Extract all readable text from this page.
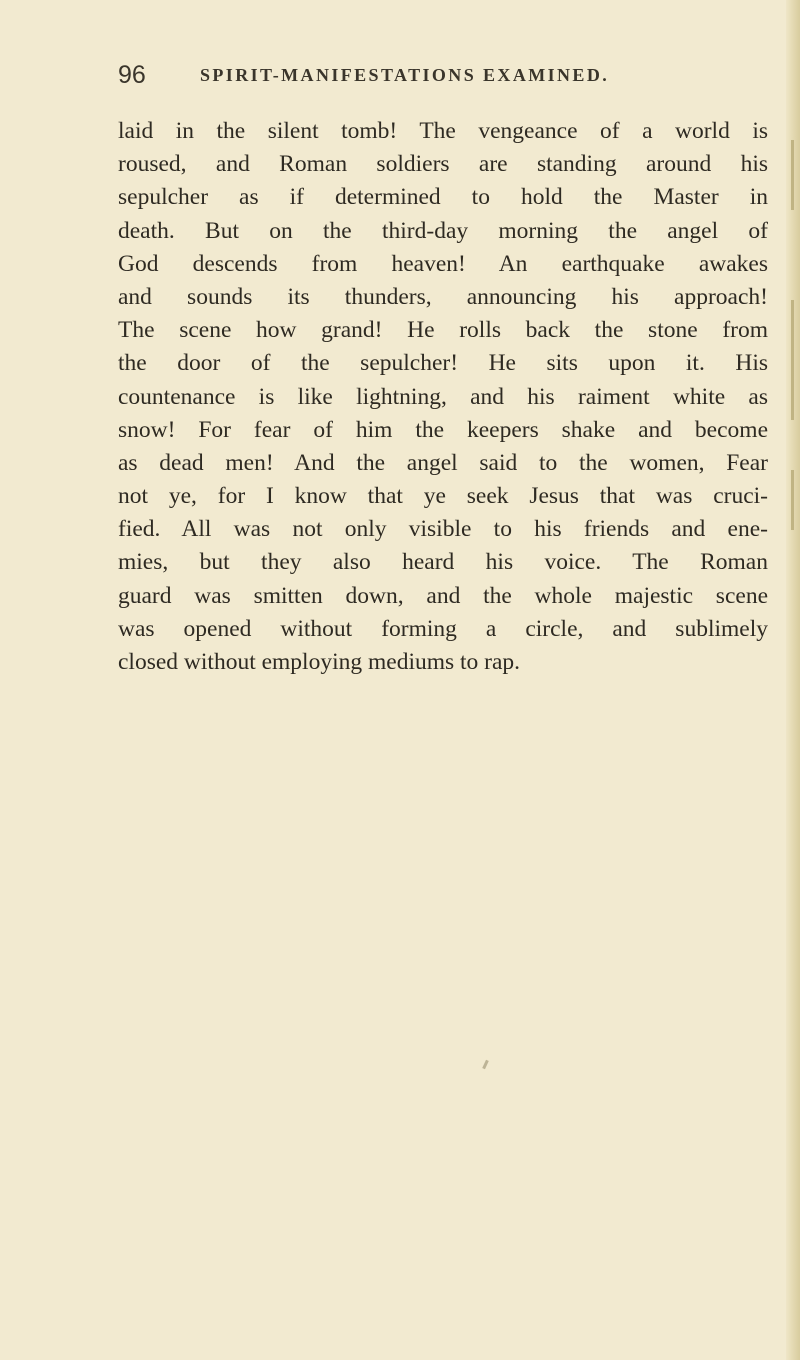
96	SPIRIT-MANIFESTATIONS EXAMINED.
laid in the silent tomb! The vengeance of a world is
roused, and Roman soldiers are standing around his
sepulcher as if determined to hold the Master in
death. But on the third-day morning the angel of
God descends from heaven! An earthquake awakes
and sounds its thunders, announcing his approach!
The scene how grand! He rolls back the stone from
the door of the sepulcher! He sits upon it. His
countenance is like lightning, and his raiment white as
snow! For fear of him the keepers shake and become
as dead men! And the angel said to the women, Fear
not ye, for I know that ye seek Jesus that was cruci-
fied. All was not only visible to his friends and ene-
mies, but they also heard his voice. The Roman
guard was smitten down, and the whole majestic scene
was opened without forming a circle, and sublimely
closed without employing mediums to rap.
